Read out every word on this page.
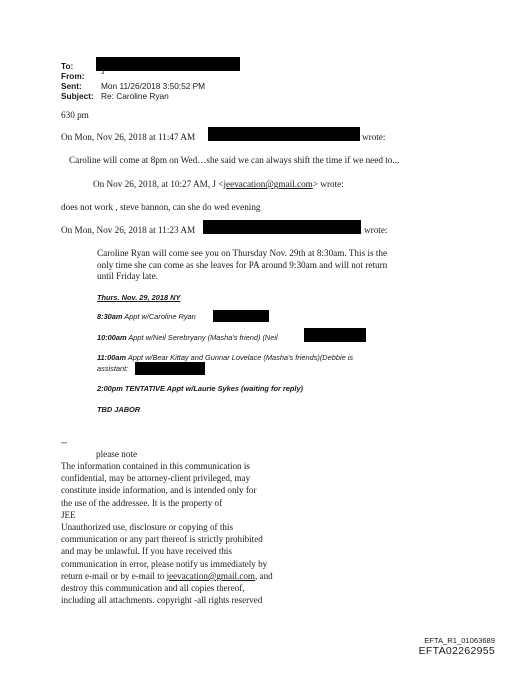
To:
From: J
Sent: Mon 11/26/2018 3:50:52 PM
Subject: Re: Caroline Ryan
630 pm
On Mon, Nov 26, 2018 at 11:47 AM	wrote:
Caroline will come at 8pm on Wed…she said we can always shift the time if we need to...
On Nov 26, 2018, at 10:27 AM, J <jeevacation@gmail.com> wrote:
does not work , steve bannon, can she do wed evening
On Mon, Nov 26, 2018 at 11:23 AM	wrote:
Caroline Ryan will come see you on Thursday Nov. 29th at 8:30am. This is the
only time she can come as she leaves for PA around 9:30am and will not return
until Friday late.
Thurs. Nov. 29, 2018 NY
8:30am Appt w/Caroline Ryan
10:00am Appt w/Neil Serebryany (Masha's friend) (Neil
11:00am Appt w/Bear Kittay and Gunnar Lovelace (Masha's friends)(Debbie is
assistant:
2:00pm TENTATIVE Appt w/Laurie Sykes (waiting for reply)
TBD JABOR
--
please note
The information contained in this communication is
confidential, may be attorney-client privileged, may
constitute inside information, and is intended only for
the use of the addressee. It is the property of
JEE
Unauthorized use, disclosure or copying of this
communication or any part thereof is strictly prohibited
and may be unlawful. If you have received this
communication in error, please notify us immediately by
return e-mail or by e-mail to jeevacation@gmail.com, and
destroy this communication and all copies thereof,
including all attachments. copyright -all rights reserved
EFTA_R1_01063689
EFTA02262955
